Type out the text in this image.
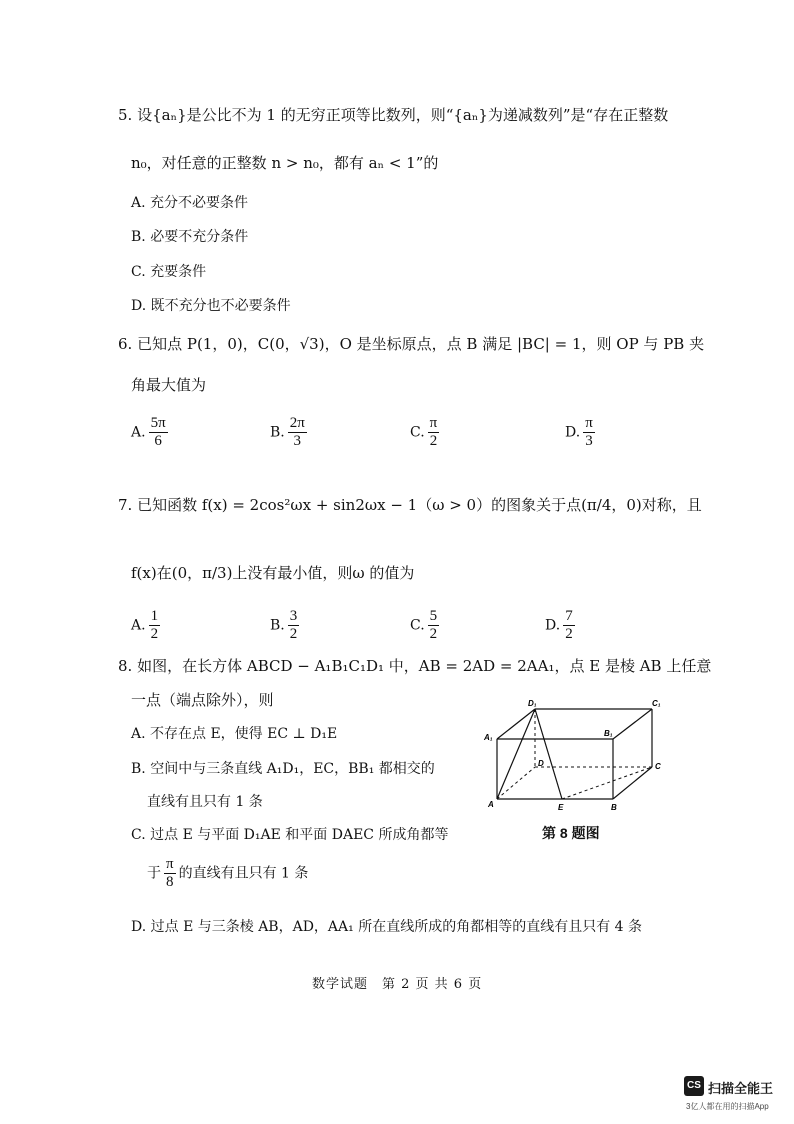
5. 设{aₙ}是公比不为 1 的无穷正项等比数列，则“{aₙ}为递减数列”是“存在正整数
n₀，对任意的正整数 n > n₀，都有 aₙ < 1”的
A. 充分不必要条件
B. 必要不充分条件
C. 充要条件
D. 既不充分也不必要条件
6. 已知点 P(1，0)，C(0，√3)，O 是坐标原点，点 B 满足 |BC| = 1，则 OP 与 PB 夹
角最大值为
A. $\frac{5\pi}{6}$	B. $\frac{2\pi}{3}$	C. $\frac{\pi}{2}$	D. $\frac{\pi}{3}$
7. 已知函数 f(x) = 2cos²ωx + sin2ωx − 1（ω > 0）的图象关于点(π/4，0)对称，且
f(x)在(0，π/3)上没有最小值，则ω 的值为
A. $\frac{1}{2}$	B. $\frac{3}{2}$	C. $\frac{5}{2}$	D. $\frac{7}{2}$
8. 如图，在长方体 ABCD − A₁B₁C₁D₁ 中，AB = 2AD = 2AA₁，点 E 是棱 AB 上任意
一点（端点除外），则
A. 不存在点 E，使得 EC ⊥ D₁E
B. 空间中与三条直线 A₁D₁，EC，BB₁ 都相交的
直线有且只有 1 条
C. 过点 E 与平面 D₁AE 和平面 DAEC 所成角都等
于 $\frac{\pi}{8}$ 的直线有且只有 1 条
D. 过点 E 与三条棱 AB，AD，AA₁ 所在直线所成的角都相等的直线有且只有 4 条
D₁	C₁
A₁	B₁
D	C
A	E	B
第 8 题图
数学试题　第 2 页 共 6 页
CS 扫描全能王
3亿人都在用的扫描App
